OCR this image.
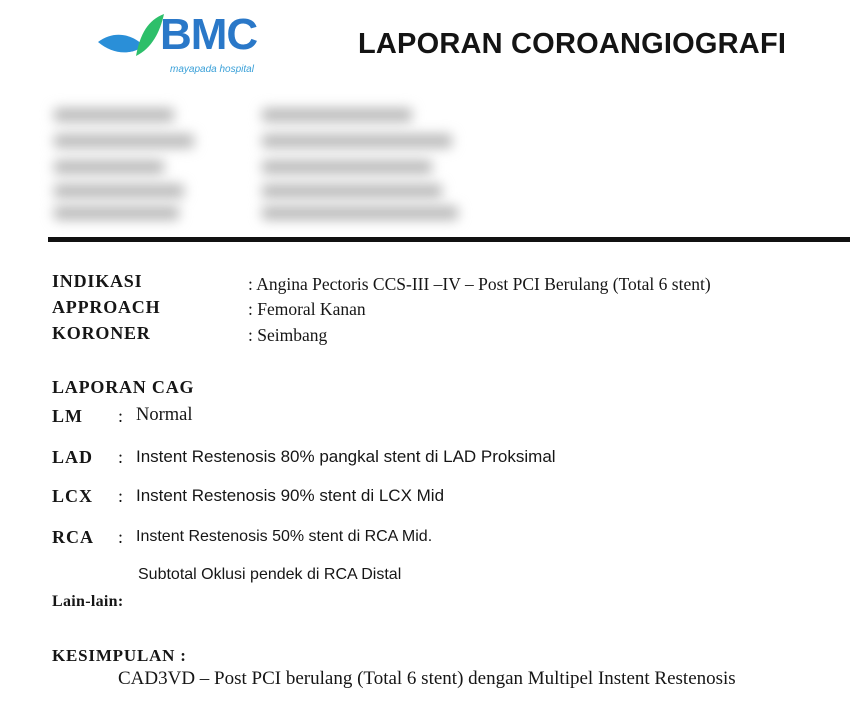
BMC
mayapada hospital
LAPORAN COROANGIOGRAFI
INDIKASI	: Angina Pectoris CCS-III –IV – Post PCI Berulang (Total 6 stent)
APPROACH	: Femoral Kanan
KORONER	: Seimbang
LAPORAN CAG
LM : Normal
LAD : Instent Restenosis 80% pangkal stent di LAD Proksimal
LCX : Instent Restenosis 90% stent di LCX Mid
RCA : Instent Restenosis 50% stent di RCA Mid.
Subtotal Oklusi pendek di RCA Distal
Lain-lain:
KESIMPULAN :
CAD3VD – Post PCI berulang (Total 6 stent) dengan Multipel Instent Restenosis
